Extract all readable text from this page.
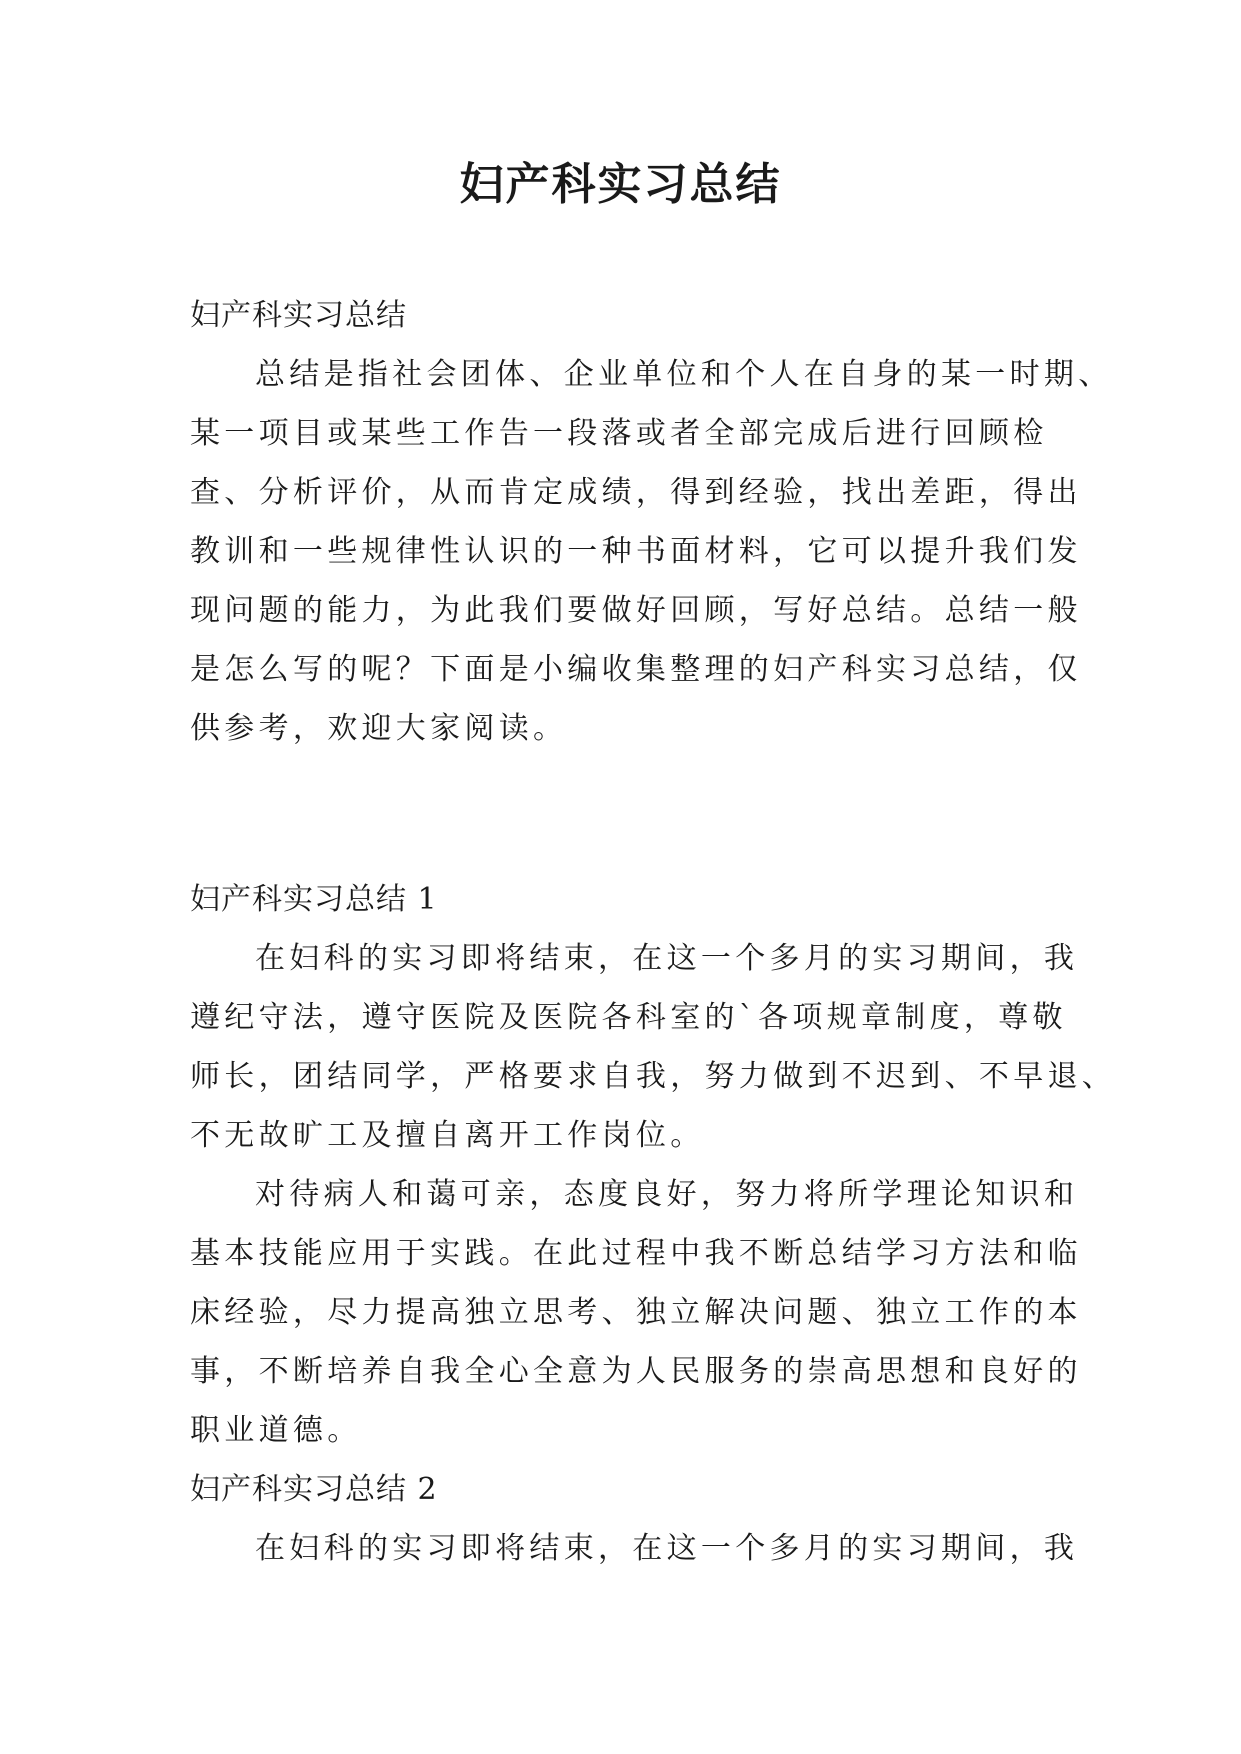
妇产科实习总结

妇产科实习总结

总结是指社会团体、企业单位和个人在自身的某一时期、

某一项目或某些工作告一段落或者全部完成后进行回顾检

查、分析评价，从而肯定成绩，得到经验，找出差距，得出

教训和一些规律性认识的一种书面材料，它可以提升我们发

现问题的能力，为此我们要做好回顾，写好总结。总结一般

是怎么写的呢？下面是小编收集整理的妇产科实习总结，仅

供参考，欢迎大家阅读。

妇产科实习总结 1

在妇科的实习即将结束，在这一个多月的实习期间，我

遵纪守法，遵守医院及医院各科室的`各项规章制度，尊敬

师长，团结同学，严格要求自我，努力做到不迟到、不早退、

不无故旷工及擅自离开工作岗位。

对待病人和蔼可亲，态度良好，努力将所学理论知识和

基本技能应用于实践。在此过程中我不断总结学习方法和临

床经验，尽力提高独立思考、独立解决问题、独立工作的本

事，不断培养自我全心全意为人民服务的崇高思想和良好的

职业道德。

妇产科实习总结 2

在妇科的实习即将结束，在这一个多月的实习期间，我
